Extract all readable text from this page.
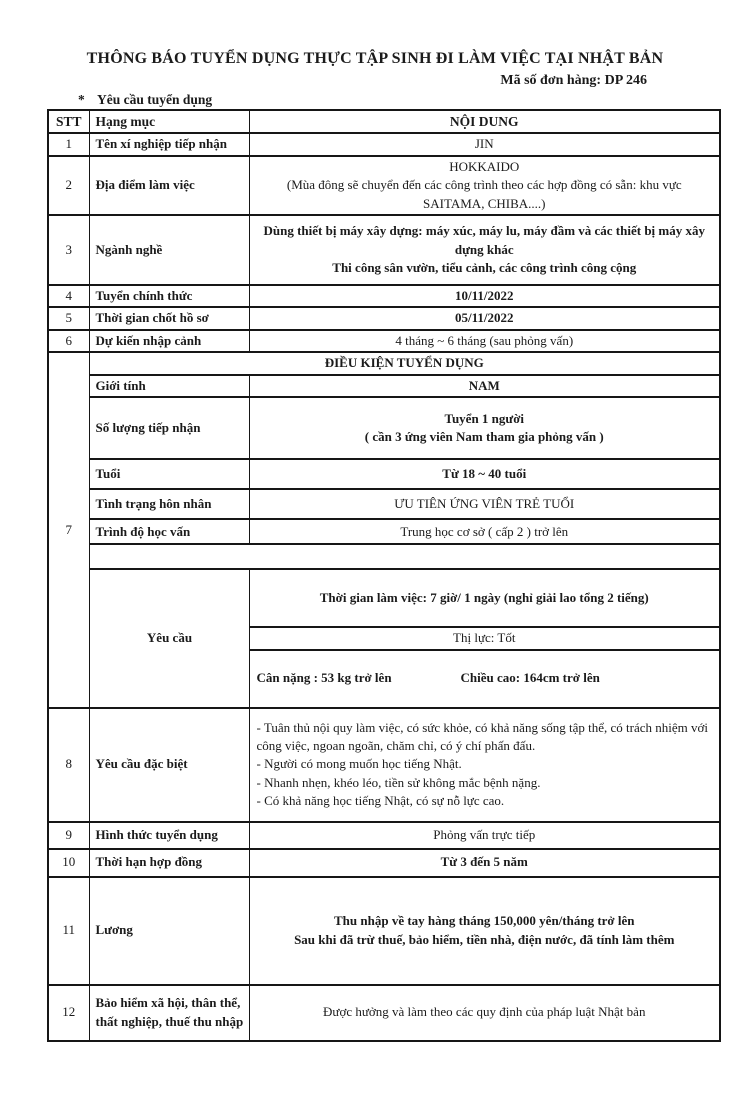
THÔNG BÁO TUYỂN DỤNG THỰC TẬP SINH ĐI LÀM VIỆC TẠI NHẬT BẢN
Mã số đơn hàng: DP 246
* Yêu cầu tuyển dụng
STT	Hạng mục	NỘI DUNG
1	Tên xí nghiệp tiếp nhận	JIN
2	Địa điểm làm việc	HOKKAIDO
(Mùa đông sẽ chuyển đến các công trình theo các hợp đồng có sẵn: khu vực
SAITAMA, CHIBA....)

3	Ngành nghề	Dùng thiết bị máy xây dựng: máy xúc, máy lu, máy đầm và các thiết bị máy xây dựng khác
Thi công sân vườn, tiểu cảnh, các công trình công cộng

4	Tuyển chính thức	10/11/2022
5	Thời gian chốt hồ sơ	05/11/2022
6	Dự kiến nhập cảnh	4 tháng ~ 6 tháng (sau phỏng vấn)
7	ĐIỀU KIỆN TUYỂN DỤNG	
	Giới tính	NAM
	Số lượng tiếp nhận	Tuyển 1 người
( cần 3 ứng viên Nam tham gia phỏng vấn )

	Tuổi	Từ 18 ~ 40 tuổi
	Tình trạng hôn nhân	ƯU TIÊN ỨNG VIÊN TRẺ TUỔI
	Trình độ học vấn	Trung học cơ sở ( cấp 2 ) trở lên

	Yêu cầu	Thời gian làm việc: 7 giờ/ 1 ngày (nghỉ giải lao tổng 2 tiếng)
		Thị lực: Tốt
		Cân nặng : 53 kg trở lên Chiều cao: 164cm trở lên
8	Yêu cầu đặc biệt	- Tuân thủ nội quy làm việc, có sức khỏe, có khả năng sống tập thể, có trách nhiệm với công việc, ngoan ngoãn, chăm chỉ, có ý chí phấn đấu.
- Người có mong muốn học tiếng Nhật.
- Nhanh nhẹn, khéo léo, tiền sử không mắc bệnh nặng.
- Có khả năng học tiếng Nhật, có sự nỗ lực cao.

9	Hình thức tuyển dụng	Phỏng vấn trực tiếp
10	Thời hạn hợp đồng	Từ 3 đến 5 năm
11	Lương	Thu nhập về tay hàng tháng 150,000 yên/tháng trở lên
Sau khi đã trừ thuế, bảo hiểm, tiền nhà, điện nước, đã tính làm thêm

12	Bảo hiểm xã hội, thân thể, thất nghiệp, thuế thu nhập	Được hưởng và làm theo các quy định của pháp luật Nhật bản
